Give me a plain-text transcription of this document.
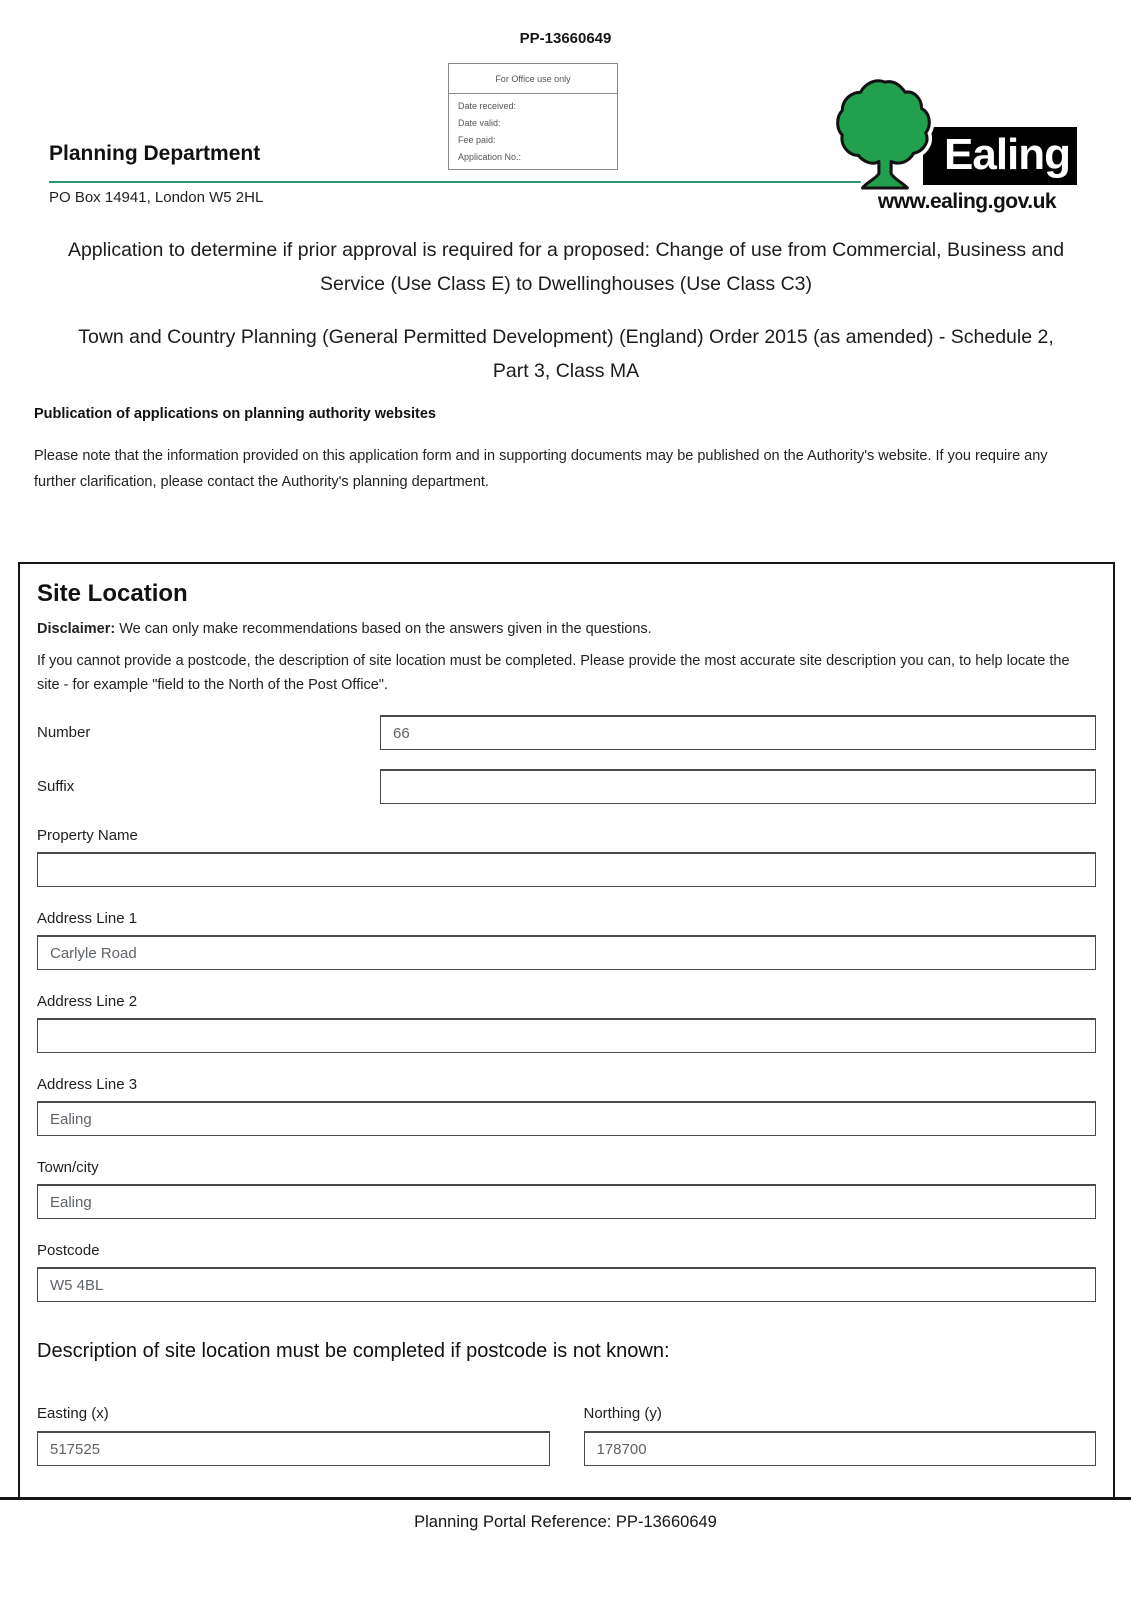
PP-13660649
For Office use only
Date received:
Date valid:
Fee paid:
Application No.:
Planning Department
PO Box 14941, London W5 2HL
Ealing
www.ealing.gov.uk
Application to determine if prior approval is required for a proposed: Change of use from Commercial, Business and Service (Use Class E) to Dwellinghouses (Use Class C3)
Town and Country Planning (General Permitted Development) (England) Order 2015 (as amended) - Schedule 2, Part 3, Class MA
Publication of applications on planning authority websites
Please note that the information provided on this application form and in supporting documents may be published on the Authority's website. If you require any further clarification, please contact the Authority's planning department.
Site Location

Disclaimer: We can only make recommendations based on the answers given in the questions.

If you cannot provide a postcode, the description of site location must be completed. Please provide the most accurate site description you can, to help locate the site - for example "field to the North of the Post Office".

Number
66
Suffix
Property Name
Address Line 1
Carlyle Road
Address Line 2
Address Line 3
Ealing
Town/city
Ealing
Postcode
W5 4BL
Description of site location must be completed if postcode is not known:
Easting (x)
517525	Northing (y)
178700
Planning Portal Reference: PP-13660649
